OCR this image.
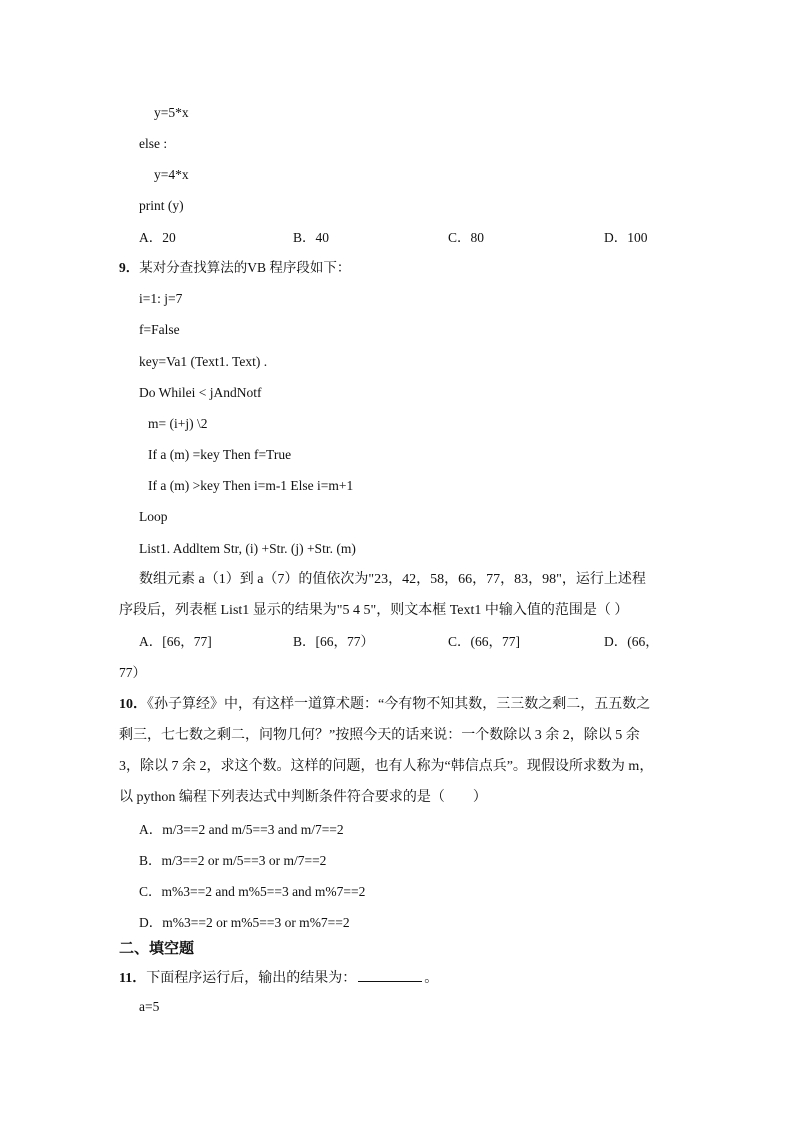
y=5*x
else :
y=4*x
print (y)
A．20	B．40	C．80	D．100
9．某对分查找算法的VB 程序段如下：
i=1: j=7
f=False
key=Va1 (Text1. Text) .
Do Whilei < jAndNotf
m= (i+j) \2
If a (m) =key Then f=True
If a (m) >key Then i=m-1 Else i=m+1
Loop
List1. Addltem Str, (i) +Str. (j) +Str. (m)
数组元素 a（1）到 a（7）的值依次为"23，42，58，66，77，83，98"，运行上述程
序段后，列表框 List1 显示的结果为"5 4 5"，则文本框 Text1 中输入值的范围是（ ）
A．[66，77]	B．[66，77）	C．(66，77]	D．(66，
77）
10．《孙子算经》中，有这样一道算术题：“今有物不知其数，三三数之剩二，五五数之
剩三，七七数之剩二，问物几何？”按照今天的话来说：一个数除以 3 余 2，除以 5 余
3，除以 7 余 2，求这个数。这样的问题，也有人称为“韩信点兵”。现假设所求数为 m，
以 python 编程下列表达式中判断条件符合要求的是（　　）
A．m/3==2 and m/5==3 and m/7==2
B．m/3==2 or m/5==3 or m/7==2
C．m%3==2 and m%5==3 and m%7==2
D．m%3==2 or m%5==3 or m%7==2
二、填空题
11．下面程序运行后，输出的结果为：	。
a=5
